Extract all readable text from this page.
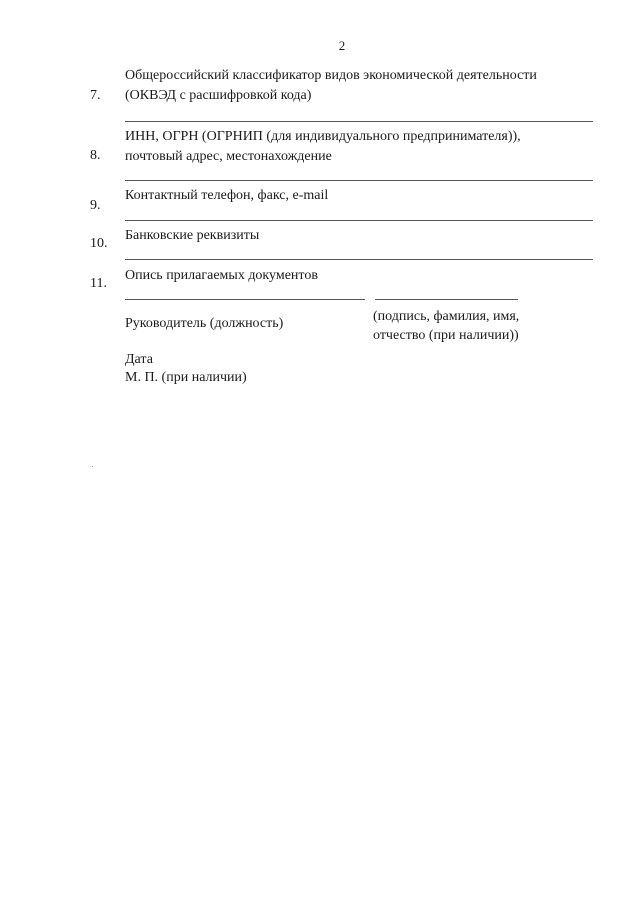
2
Общероссийский классификатор видов экономической деятельности
(ОКВЭД с расшифровкой кода)
7.
ИНН, ОГРН (ОГРНИП (для индивидуального предпринимателя)),
почтовый адрес, местонахождение
8.
Контактный телефон, факс, e-mail
9.
Банковские реквизиты
10.
Опись прилагаемых документов
11.
(подпись, фамилия, имя,
отчество (при наличии))
Руководитель (должность)
Дата
М. П. (при наличии)
